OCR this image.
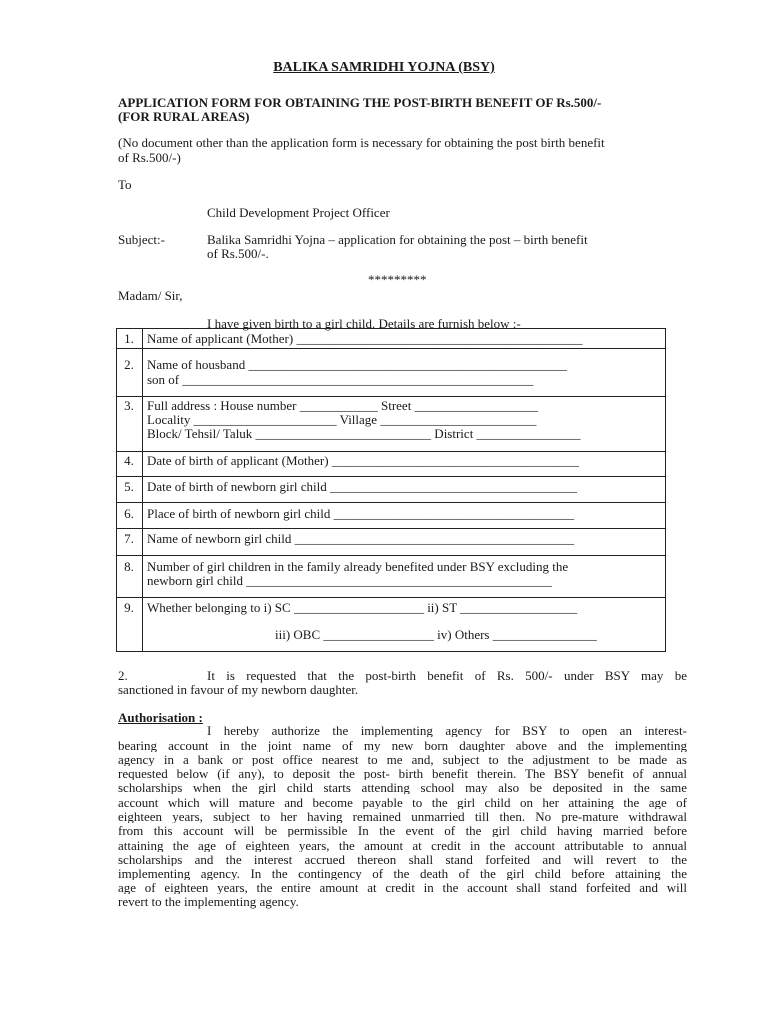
BALIKA SAMRIDHI YOJNA (BSY)
APPLICATION FORM FOR OBTAINING THE POST-BIRTH BENEFIT OF Rs.500/-
(FOR RURAL AREAS)
(No document other than the application form is necessary for obtaining the post birth benefit
of Rs.500/-)
To
Child Development Project Officer
Subject:-	Balika Samridhi Yojna – application for obtaining the post – birth benefit
of Rs.500/-.
*********
Madam/ Sir,
I have given birth to a girl child. Details are furnish below :-
1.	Name of applicant (Mother) ____________________________________________
2.	Name of housband _________________________________________________
son of ______________________________________________________
3.	Full address : House number ____________ Street ___________________
Locality ______________________ Village ________________________
Block/ Tehsil/ Taluk ___________________________ District ________________
4.	Date of birth of applicant (Mother) ______________________________________
5.	Date of birth of newborn girl child ______________________________________
6.	Place of birth of newborn girl child _____________________________________
7.	Name of newborn girl child ___________________________________________
8.	Number of girl children in the family already benefited under BSY excluding the
newborn girl child _______________________________________________
9.	Whether belonging to i) SC ____________________ ii) ST __________________
iii) OBC _________________ iv) Others ________________
2.	It is requested that the post-birth benefit of Rs. 500/- under BSY may be
sanctioned in favour of my newborn daughter.
Authorisation :
I hereby authorize the implementing agency for BSY to open an interest-
bearing account in the joint name of my new born daughter above and the implementing
agency in a bank or post office nearest to me and, subject to the adjustment to be made as
requested below (if any), to deposit the post- birth benefit therein. The BSY benefit of annual
scholarships when the girl child starts attending school may also be deposited in the same
account which will mature and become payable to the girl child on her attaining the age of
eighteen years, subject to her having remained unmarried till then. No pre-mature withdrawal
from this account will be permissible In the event of the girl child having married before
attaining the age of eighteen years, the amount at credit in the account attributable to annual
scholarships and the interest accrued thereon shall stand forfeited and will revert to the
implementing agency. In the contingency of the death of the girl child before attaining the
age of eighteen years, the entire amount at credit in the account shall stand forfeited and will
revert to the implementing agency.
